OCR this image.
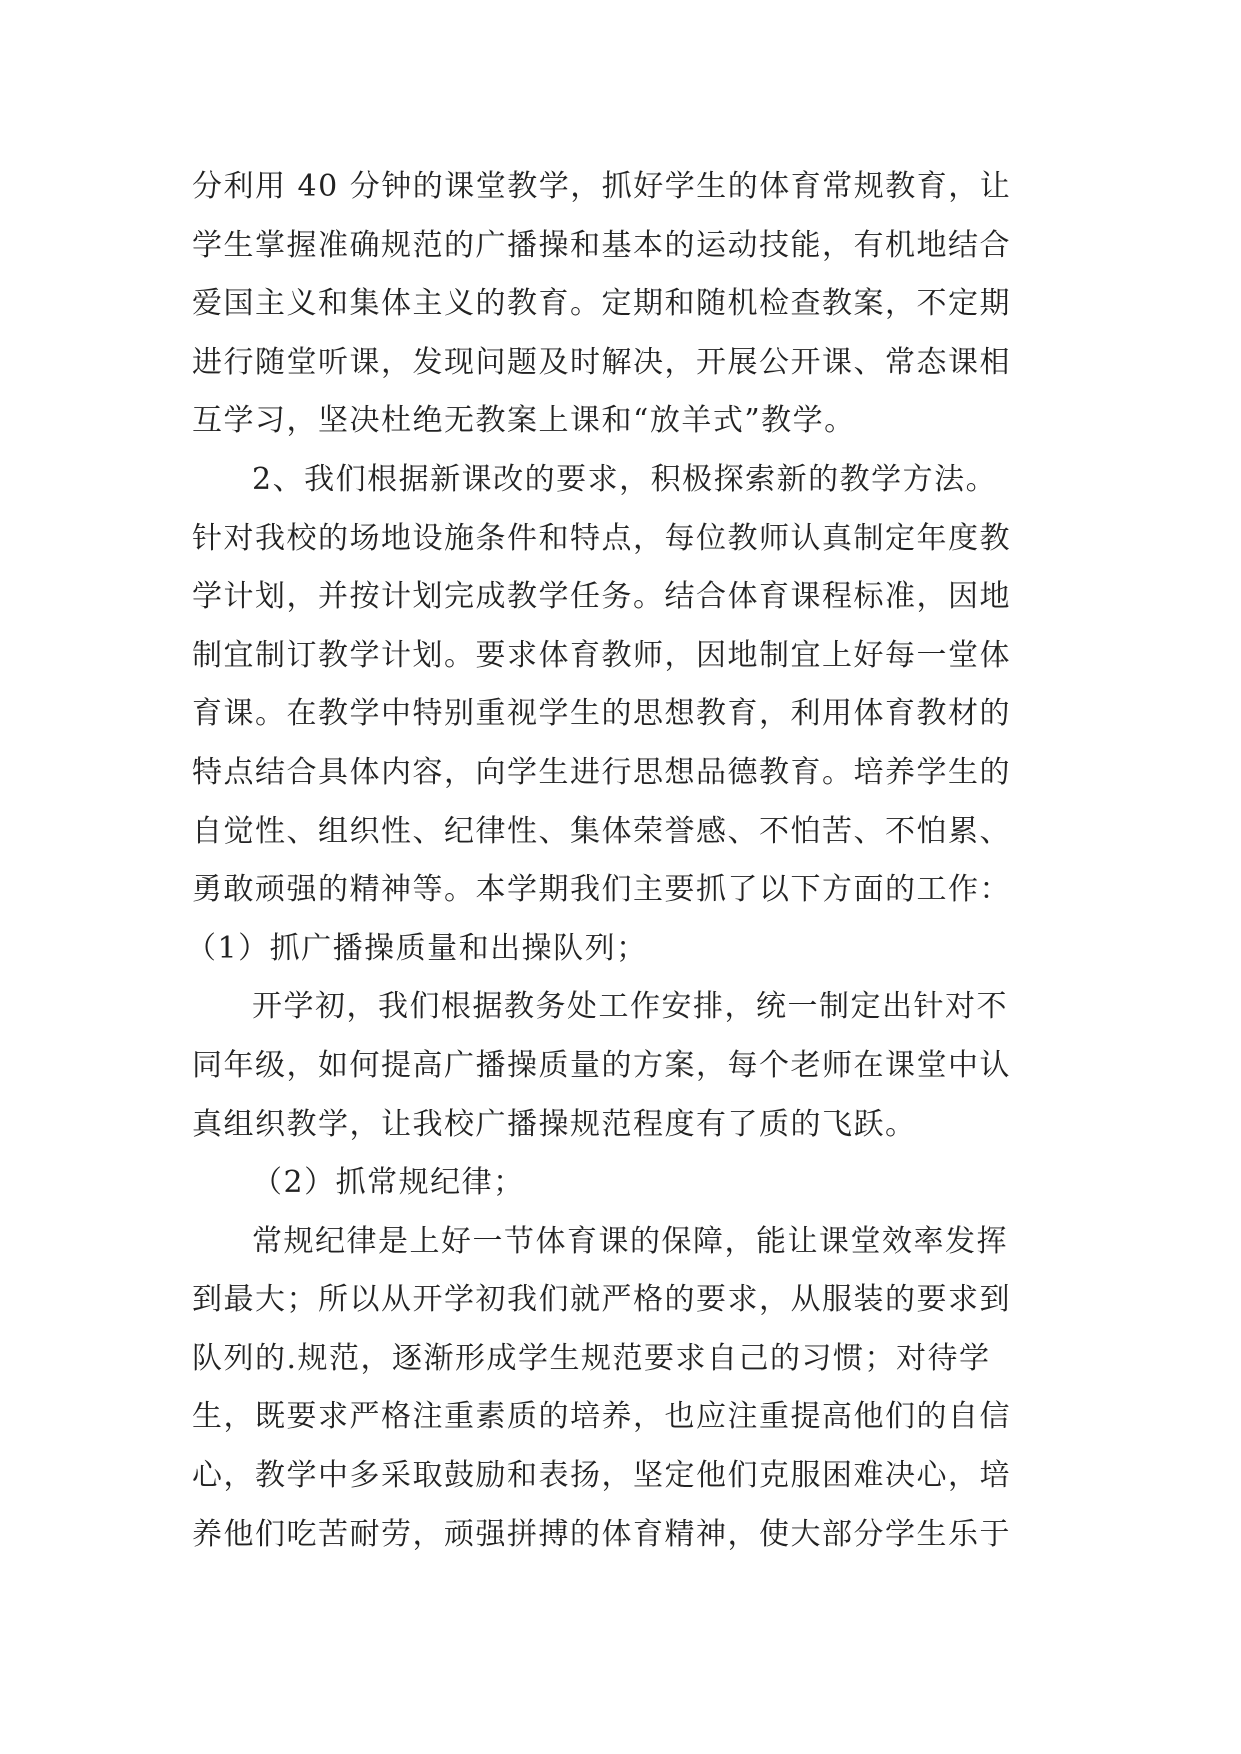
分利用 40 分钟的课堂教学，抓好学生的体育常规教育，让
学生掌握准确规范的广播操和基本的运动技能，有机地结合
爱国主义和集体主义的教育。定期和随机检查教案，不定期
进行随堂听课，发现问题及时解决，开展公开课、常态课相
互学习，坚决杜绝无教案上课和“放羊式”教学。
2、我们根据新课改的要求，积极探索新的教学方法。
针对我校的场地设施条件和特点，每位教师认真制定年度教
学计划，并按计划完成教学任务。结合体育课程标准，因地
制宜制订教学计划。要求体育教师，因地制宜上好每一堂体
育课。在教学中特别重视学生的思想教育，利用体育教材的
特点结合具体内容，向学生进行思想品德教育。培养学生的
自觉性、组织性、纪律性、集体荣誉感、不怕苦、不怕累、
勇敢顽强的精神等。本学期我们主要抓了以下方面的工作：
（1）抓广播操质量和出操队列；
开学初，我们根据教务处工作安排，统一制定出针对不
同年级，如何提高广播操质量的方案，每个老师在课堂中认
真组织教学，让我校广播操规范程度有了质的飞跃。
（2）抓常规纪律；
常规纪律是上好一节体育课的保障，能让课堂效率发挥
到最大；所以从开学初我们就严格的要求，从服装的要求到
队列的.规范，逐渐形成学生规范要求自己的习惯；对待学
生，既要求严格注重素质的培养，也应注重提高他们的自信
心，教学中多采取鼓励和表扬，坚定他们克服困难决心，培
养他们吃苦耐劳，顽强拼搏的体育精神，使大部分学生乐于
